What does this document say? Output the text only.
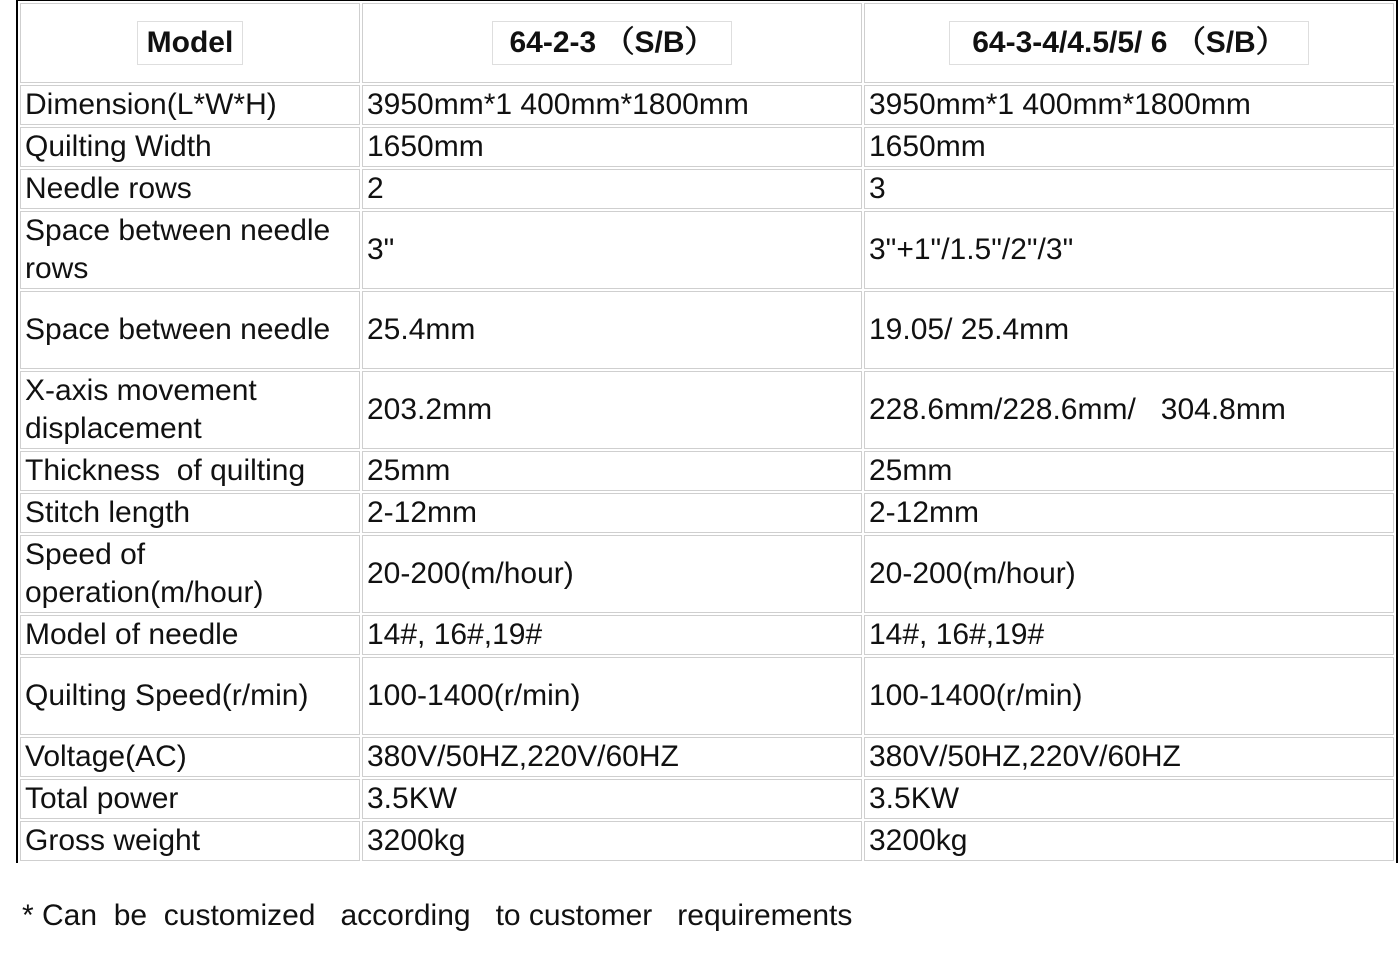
Model	64-2-3 （S/B）	64-3-4/4.5/5/ 6 （S/B）
Dimension(L*W*H)	3950mm*1 400mm*1800mm	3950mm*1 400mm*1800mm
Quilting Width	1650mm	1650mm
Needle rows	2	3
Space between needle rows	3"	3"+1"/1.5"/2"/3"
Space between needle	25.4mm	19.05/ 25.4mm
X-axis movement displacement	203.2mm	228.6mm/228.6mm/   304.8mm
Thickness  of quilting	25mm	25mm
Stitch length	2-12mm	2-12mm
Speed of operation(m/hour)	20-200(m/hour)	20-200(m/hour)
Model of needle	14#, 16#,19#	14#, 16#,19#
Quilting Speed(r/min)	100-1400(r/min)	100-1400(r/min)
Voltage(AC)	380V/50HZ,220V/60HZ	380V/50HZ,220V/60HZ
Total power	3.5KW	3.5KW
Gross weight	3200kg	3200kg
* Can  be  customized   according   to customer   requirements
